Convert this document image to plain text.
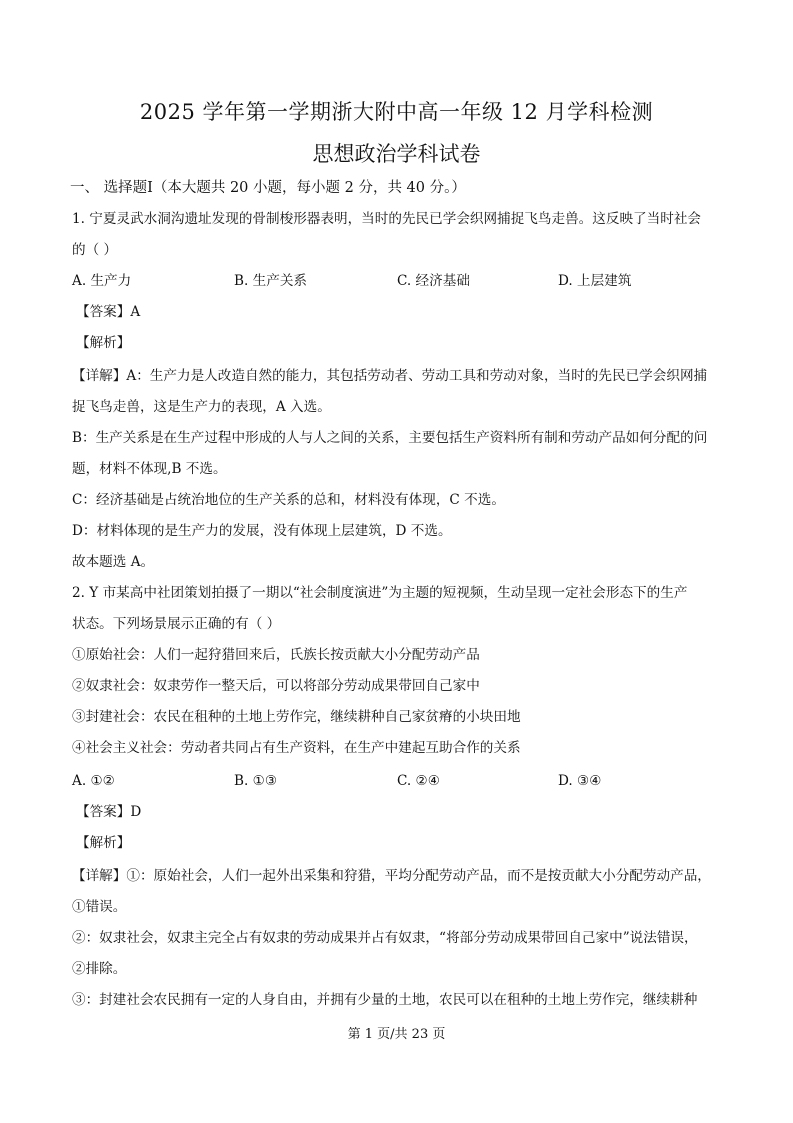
2025 学年第一学期浙大附中高一年级 12 月学科检测
思想政治学科试卷
一、 选择题Ⅰ（本大题共 20 小题，每小题 2 分，共 40 分。）
1. 宁夏灵武水洞沟遗址发现的骨制梭形器表明，当时的先民已学会织网捕捉飞鸟走兽。这反映了当时社会
的（ ）
A. 生产力	B. 生产关系	C. 经济基础	D. 上层建筑
【答案】A
【解析】
【详解】A：生产力是人改造自然的能力，其包括劳动者、劳动工具和劳动对象，当时的先民已学会织网捕
捉飞鸟走兽，这是生产力的表现，A 入选。
B：生产关系是在生产过程中形成的人与人之间的关系，主要包括生产资料所有制和劳动产品如何分配的问
题，材料不体现,B 不选。
C：经济基础是占统治地位的生产关系的总和，材料没有体现，C 不选。
D：材料体现的是生产力的发展，没有体现上层建筑，D 不选。
故本题选 A。
2. Y 市某高中社团策划拍摄了一期以“社会制度演进”为主题的短视频，生动呈现一定社会形态下的生产
状态。下列场景展示正确的有（ ）
①原始社会：人们一起狩猎回来后，氏族长按贡献大小分配劳动产品
②奴隶社会：奴隶劳作一整天后，可以将部分劳动成果带回自己家中
③封建社会：农民在租种的土地上劳作完，继续耕种自己家贫瘠的小块田地
④社会主义社会：劳动者共同占有生产资料，在生产中建起互助合作的关系
A. ①②	B. ①③	C. ②④	D. ③④
【答案】D
【解析】
【详解】①：原始社会，人们一起外出采集和狩猎，平均分配劳动产品，而不是按贡献大小分配劳动产品，
①错误。
②：奴隶社会，奴隶主完全占有奴隶的劳动成果并占有奴隶，“将部分劳动成果带回自己家中”说法错误，
②排除。
③：封建社会农民拥有一定的人身自由，并拥有少量的土地，农民可以在租种的土地上劳作完，继续耕种
第 1 页/共 23 页
